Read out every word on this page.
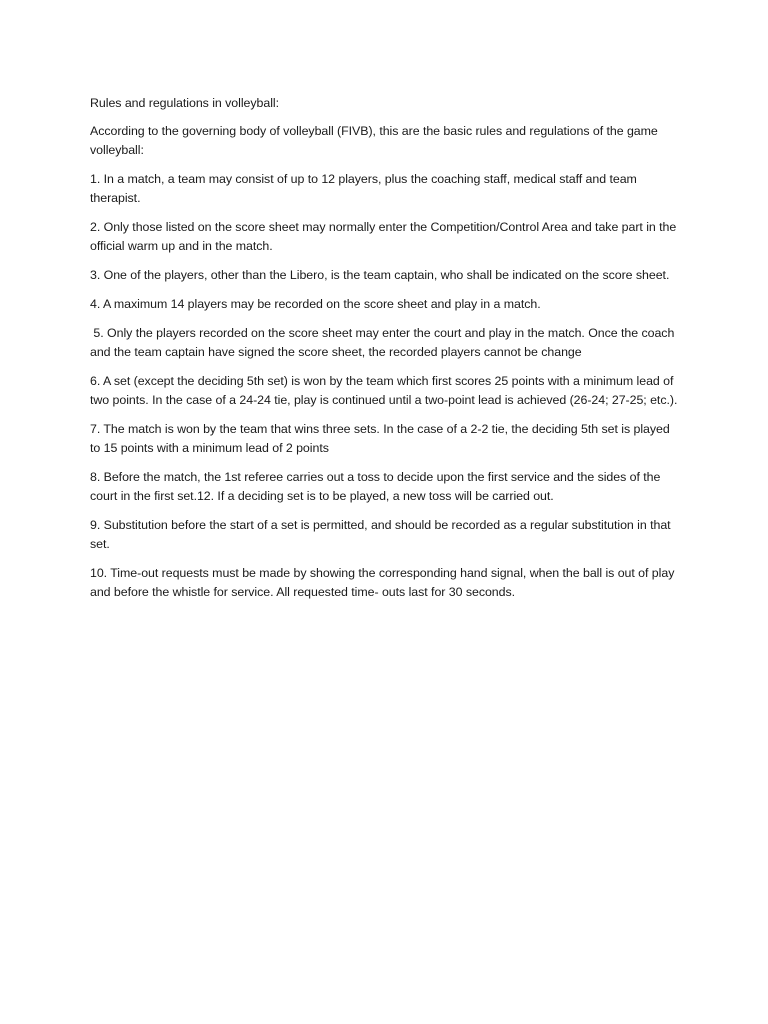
Rules and regulations in volleyball:

According to the governing body of volleyball (FIVB), this are the basic rules and regulations of the game volleyball:

1. In a match, a team may consist of up to 12 players, plus the coaching staff, medical staff and team therapist.

2. Only those listed on the score sheet may normally enter the Competition/Control Area and take part in the official warm up and in the match.

3. One of the players, other than the Libero, is the team captain, who shall be indicated on the score sheet.

4. A maximum 14 players may be recorded on the score sheet and play in a match.

5. Only the players recorded on the score sheet may enter the court and play in the match. Once the coach and the team captain have signed the score sheet, the recorded players cannot be change

6. A set (except the deciding 5th set) is won by the team which first scores 25 points with a minimum lead of two points. In the case of a 24-24 tie, play is continued until a two-point lead is achieved (26-24; 27-25; etc.).

7. The match is won by the team that wins three sets. In the case of a 2-2 tie, the deciding 5th set is played to 15 points with a minimum lead of 2 points

8. Before the match, the 1st referee carries out a toss to decide upon the first service and the sides of the court in the first set.12. If a deciding set is to be played, a new toss will be carried out.

9. Substitution before the start of a set is permitted, and should be recorded as a regular substitution in that set.

10. Time-out requests must be made by showing the corresponding hand signal, when the ball is out of play and before the whistle for service. All requested time- outs last for 30 seconds.
